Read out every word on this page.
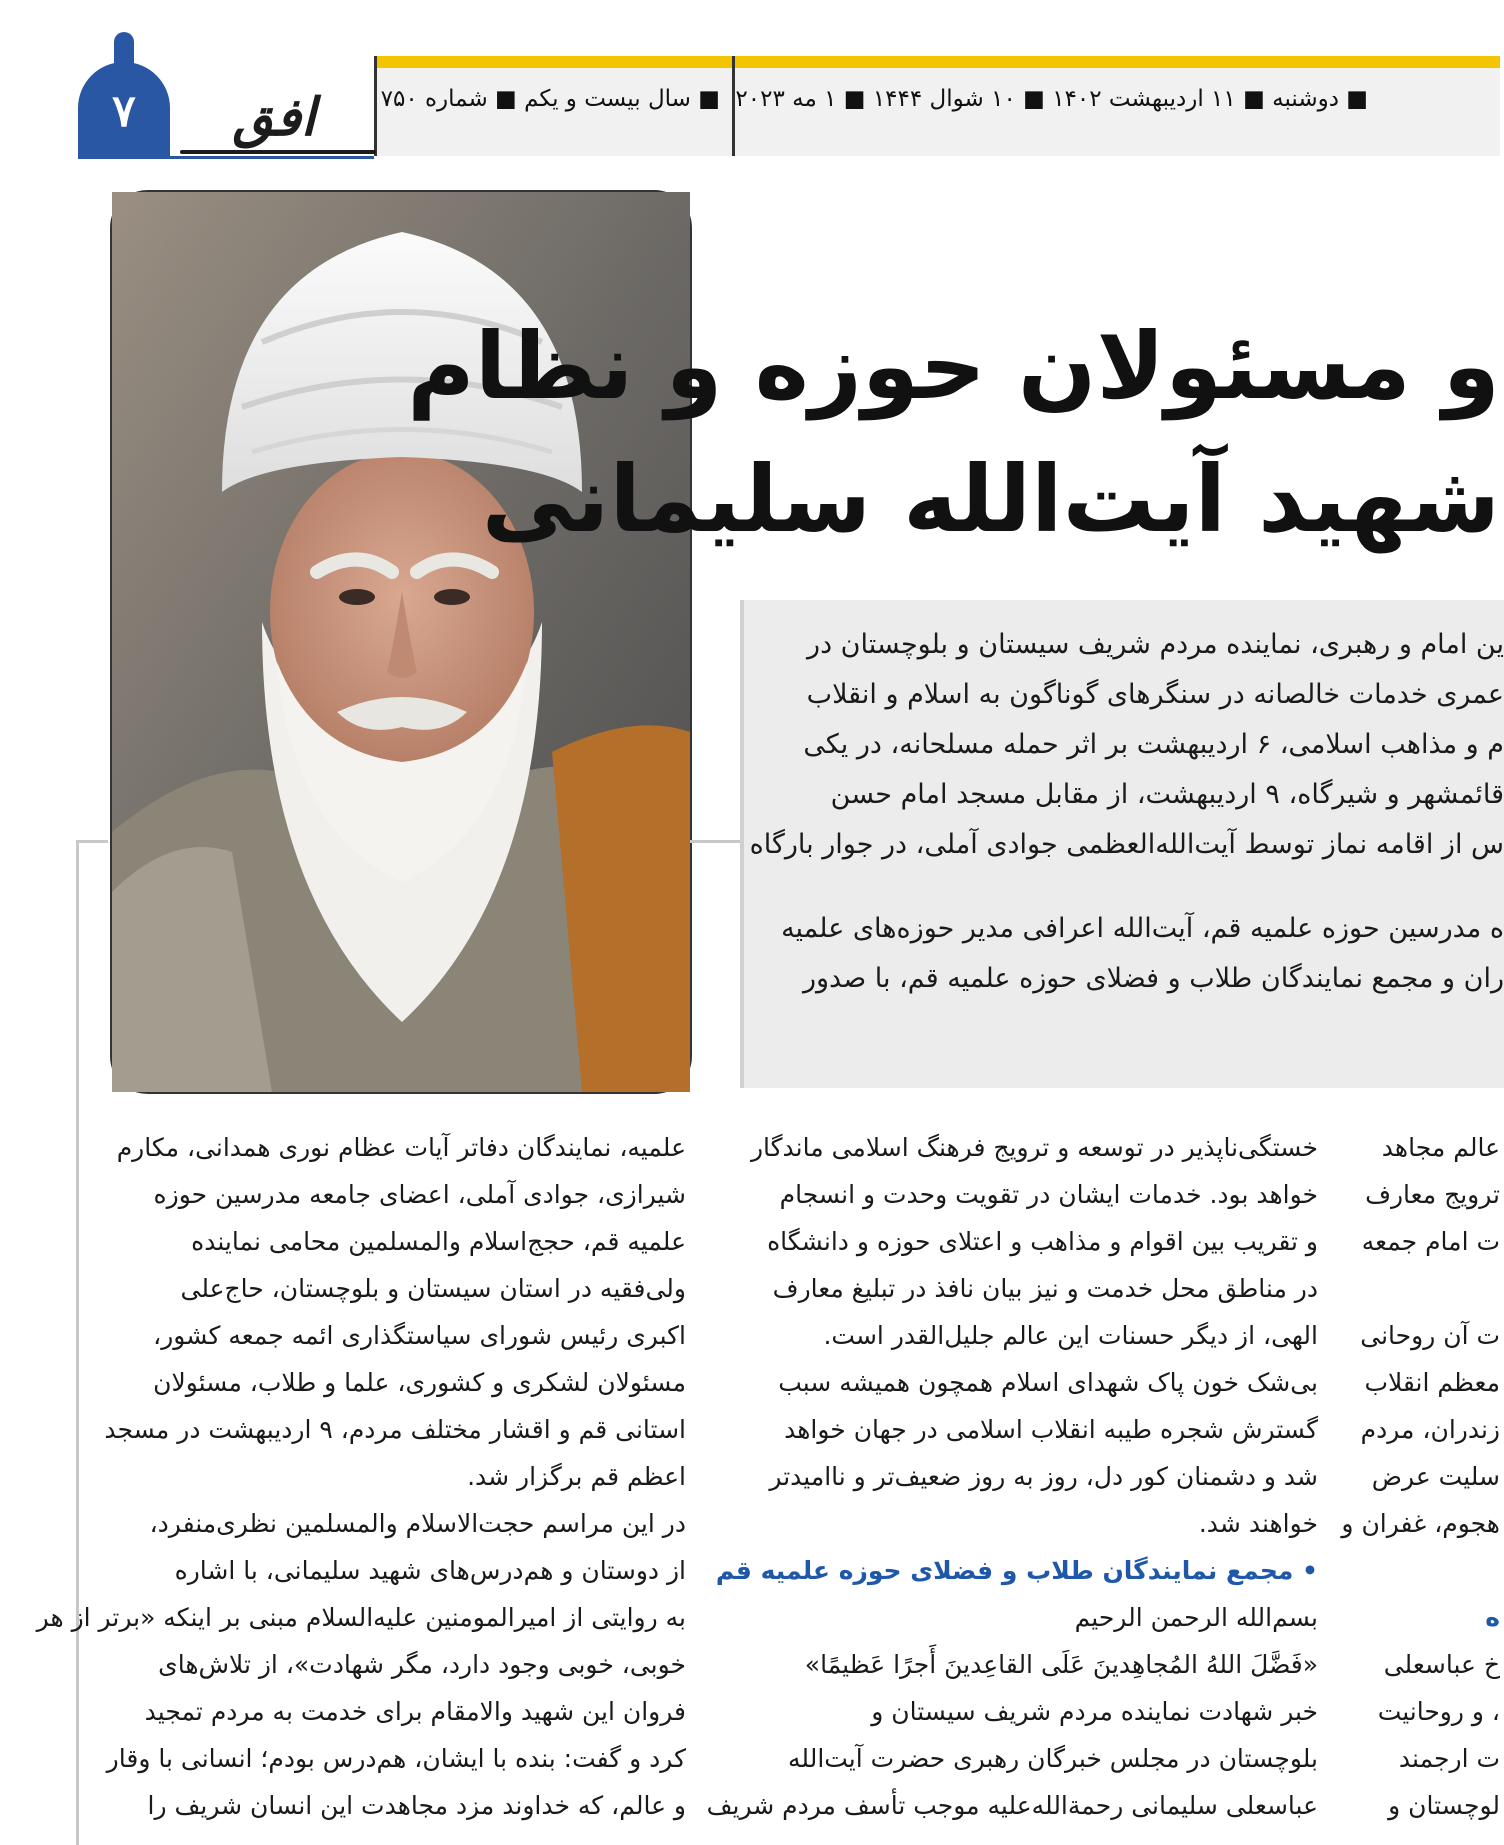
۷	افق	■ سال بیست و یکم ■ شماره ۷۵۰ ■ دوشنبه ■ ۱۱ اردیبهشت ۱۴۰۲ ■ ۱۰ شوال ۱۴۴۴ ■ ۱ مه ۲۰۲۳
و مسئولان حوزه و نظام
شهید آیت‌الله سلیمانی

ین امام و رهبری، نماینده مردم شریف سیستان و بلوچستان در
عمری خدمات خالصانه در سنگرهای گوناگون به اسلام و انقلاب
م و مذاهب اسلامی، ۶ اردیبهشت بر اثر حمله مسلحانه، در یکی
قائمشهر و شیرگاه، ۹ اردیبهشت، از مقابل مسجد امام حسن
س از اقامه نماز توسط آیت‌الله‌العظمی جوادی آملی، در جوار بارگاه

ه مدرسین حوزه علمیه قم، آیت‌الله اعرافی مدیر حوزه‌های علمیه
ران و مجمع نمایندگان طلاب و فضلای حوزه علمیه قم، با صدور

علمیه، نمایندگان دفاتر آیات عظام نوری همدانی، مکارم
شیرازی، جوادی آملی، اعضای جامعه مدرسین حوزه
علمیه قم، حجج‌اسلام والمسلمین محامی نماینده
ولی‌فقیه در استان سیستان و بلوچستان، حاج‌علی
اکبری رئیس شورای سیاستگذاری ائمه جمعه کشور،
مسئولان لشکری و کشوری، علما و طلاب، مسئولان
استانی قم و اقشار مختلف مردم، ۹ اردیبهشت در مسجد
اعظم قم برگزار شد.

در این مراسم حجت‌الاسلام والمسلمین نظری‌منفرد،
از دوستان و هم‌درس‌های شهید سلیمانی، با اشاره
به روایتی از امیرالمومنین علیه‌السلام مبنی بر اینکه «برتر از هر
خوبی، خوبی وجود دارد، مگر شهادت»، از تلاش‌های
فروان این شهید والامقام برای خدمت به مردم تمجید
کرد و گفت: بنده با ایشان، هم‌درس بودم؛ انسانی با وقار
و عالم، که خداوند مزد مجاهدت این انسان شریف را

خستگی‌ناپذیر در توسعه و ترویج فرهنگ اسلامی ماندگار
خواهد بود. خدمات ایشان در تقویت وحدت و انسجام
و تقریب بین اقوام و مذاهب و اعتلای حوزه و دانشگاه
در مناطق محل خدمت و نیز بیان نافذ در تبلیغ معارف
الهی، از دیگر حسنات این عالم جلیل‌القدر است.
بی‌شک خون پاک شهدای اسلام همچون همیشه سبب
گسترش شجره طیبه انقلاب اسلامی در جهان خواهد
شد و دشمنان کور دل، روز به روز ضعیف‌تر و ناامیدتر
خواهند شد.

• مجمع نمایندگان طلاب و فضلای حوزه علمیه قم
بسم‌الله الرحمن الرحیم
«فَضَّلَ اللهُ المُجاهِدینَ عَلَی القاعِدینَ أَجرًا عَظیمًا»

خبر شهادت نماینده مردم شریف سیستان و
بلوچستان در مجلس خبرگان رهبری حضرت آیت‌الله
عباسعلی سلیمانی رحمة‌الله‌علیه موجب تأسف مردم شریف

عالم مجاهد
ترویج معارف
ت امام جمعه

ت آن روحانی
معظم انقلاب
‌زندران، مردم
سلیت عرض
هجوم، غفران و

ه

خ عباسعلی
، و روحانیت
ت ارجمند
لوچستان و
